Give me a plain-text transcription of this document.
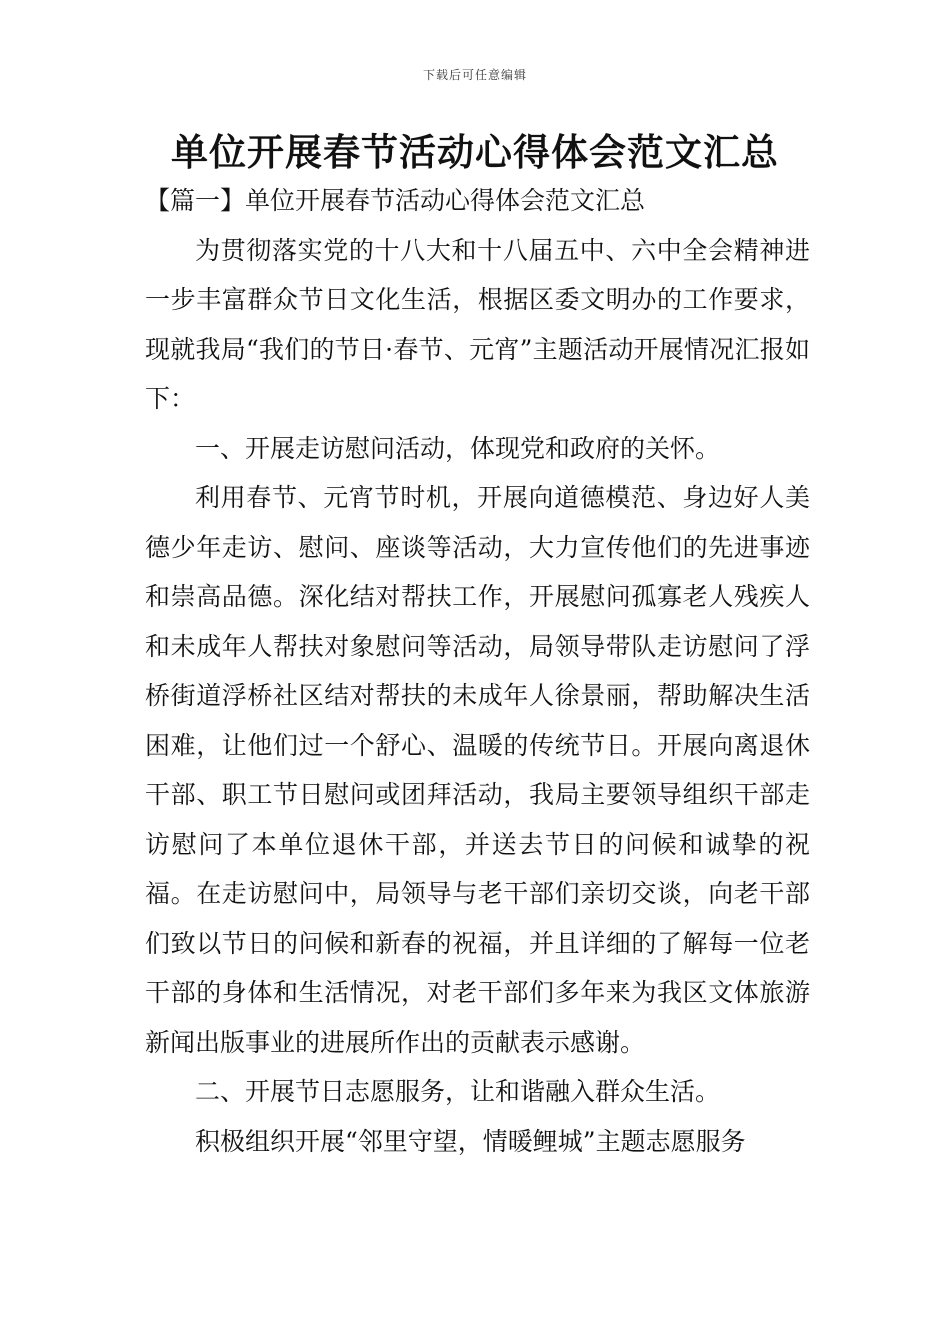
下载后可任意编辑
单位开展春节活动心得体会范文汇总

【篇一】单位开展春节活动心得体会范文汇总

为贯彻落实党的十八大和十八届五中、六中全会精神进一步丰富群众节日文化生活，根据区委文明办的工作要求，现就我局“我们的节日·春节、元宵”主题活动开展情况汇报如下：

一、开展走访慰问活动，体现党和政府的关怀。

利用春节、元宵节时机，开展向道德模范、身边好人美德少年走访、慰问、座谈等活动，大力宣传他们的先进事迹和崇高品德。深化结对帮扶工作，开展慰问孤寡老人残疾人和未成年人帮扶对象慰问等活动，局领导带队走访慰问了浮桥街道浮桥社区结对帮扶的未成年人徐景丽，帮助解决生活困难，让他们过一个舒心、温暖的传统节日。开展向离退休干部、职工节日慰问或团拜活动，我局主要领导组织干部走访慰问了本单位退休干部，并送去节日的问候和诚挚的祝福。在走访慰问中，局领导与老干部们亲切交谈，向老干部们致以节日的问候和新春的祝福，并且详细的了解每一位老干部的身体和生活情况，对老干部们多年来为我区文体旅游新闻出版事业的进展所作出的贡献表示感谢。

二、开展节日志愿服务，让和谐融入群众生活。

积极组织开展“邻里守望，情暖鲤城”主题志愿服务
